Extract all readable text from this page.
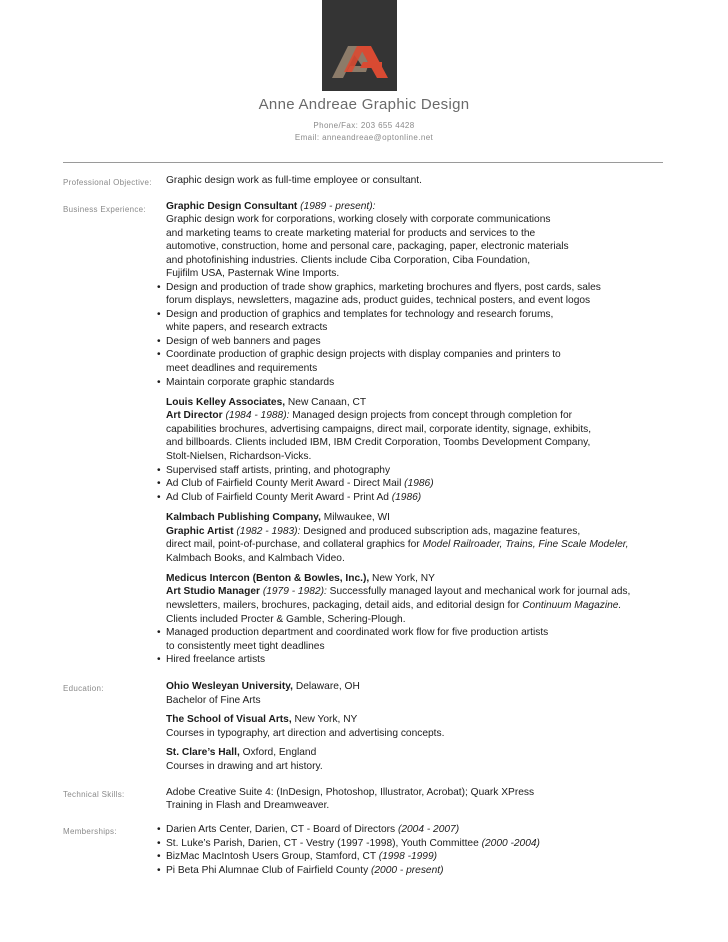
Anne Andreae Graphic Design
Phone/Fax: 203 655 4428
Email: anneandreae@optonline.net
Professional Objective: Graphic design work as full-time employee or consultant.
Business Experience: Graphic Design Consultant (1989 - present):
Graphic design work for corporations, working closely with corporate communications
and marketing teams to create marketing material for products and services to the
automotive, construction, home and personal care, packaging, paper, electronic materials
and photofinishing industries. Clients include Ciba Corporation, Ciba Foundation,
Fujifilm USA, Pasternak Wine Imports.
• Design and production of trade show graphics, marketing brochures and flyers, post cards, sales
forum displays, newsletters, magazine ads, product guides, technical posters, and event logos
• Design and production of graphics and templates for technology and research forums,
white papers, and research extracts
• Design of web banners and pages
• Coordinate production of graphic design projects with display companies and printers to
meet deadlines and requirements
• Maintain corporate graphic standards
Louis Kelley Associates, New Canaan, CT
Art Director (1984 - 1988): Managed design projects from concept through completion for
capabilities brochures, advertising campaigns, direct mail, corporate identity, signage, exhibits,
and billboards. Clients included IBM, IBM Credit Corporation, Toombs Development Company,
Stolt-Nielsen, Richardson-Vicks.
• Supervised staff artists, printing, and photography
• Ad Club of Fairfield County Merit Award - Direct Mail (1986)
• Ad Club of Fairfield County Merit Award - Print Ad (1986)
Kalmbach Publishing Company, Milwaukee, WI
Graphic Artist (1982 - 1983): Designed and produced subscription ads, magazine features,
direct mail, point-of-purchase, and collateral graphics for Model Railroader, Trains, Fine Scale Modeler,
Kalmbach Books, and Kalmbach Video.
Medicus Intercon (Benton & Bowles, Inc.), New York, NY
Art Studio Manager (1979 - 1982): Successfully managed layout and mechanical work for journal ads,
newsletters, mailers, brochures, packaging, detail aids, and editorial design for Continuum Magazine.
Clients included Procter & Gamble, Schering-Plough.
• Managed production department and coordinated work flow for five production artists
to consistently meet tight deadlines
• Hired freelance artists
Education:	Ohio Wesleyan University, Delaware, OH
Bachelor of Fine Arts
The School of Visual Arts, New York, NY
Courses in typography, art direction and advertising concepts.
St. Clare’s Hall, Oxford, England
Courses in drawing and art history.
Technical Skills:	Adobe Creative Suite 4: (InDesign, Photoshop, Illustrator, Acrobat); Quark XPress
Training in Flash and Dreamweaver.
Memberships:
•	Darien Arts Center, Darien, CT - Board of Directors (2004 - 2007)
• St. Luke’s Parish, Darien, CT - Vestry (1997 -1998), Youth Committee (2000 -2004)
• BizMac MacIntosh Users Group, Stamford, CT (1998 -1999)
• Pi Beta Phi Alumnae Club of Fairfield County (2000 - present)
